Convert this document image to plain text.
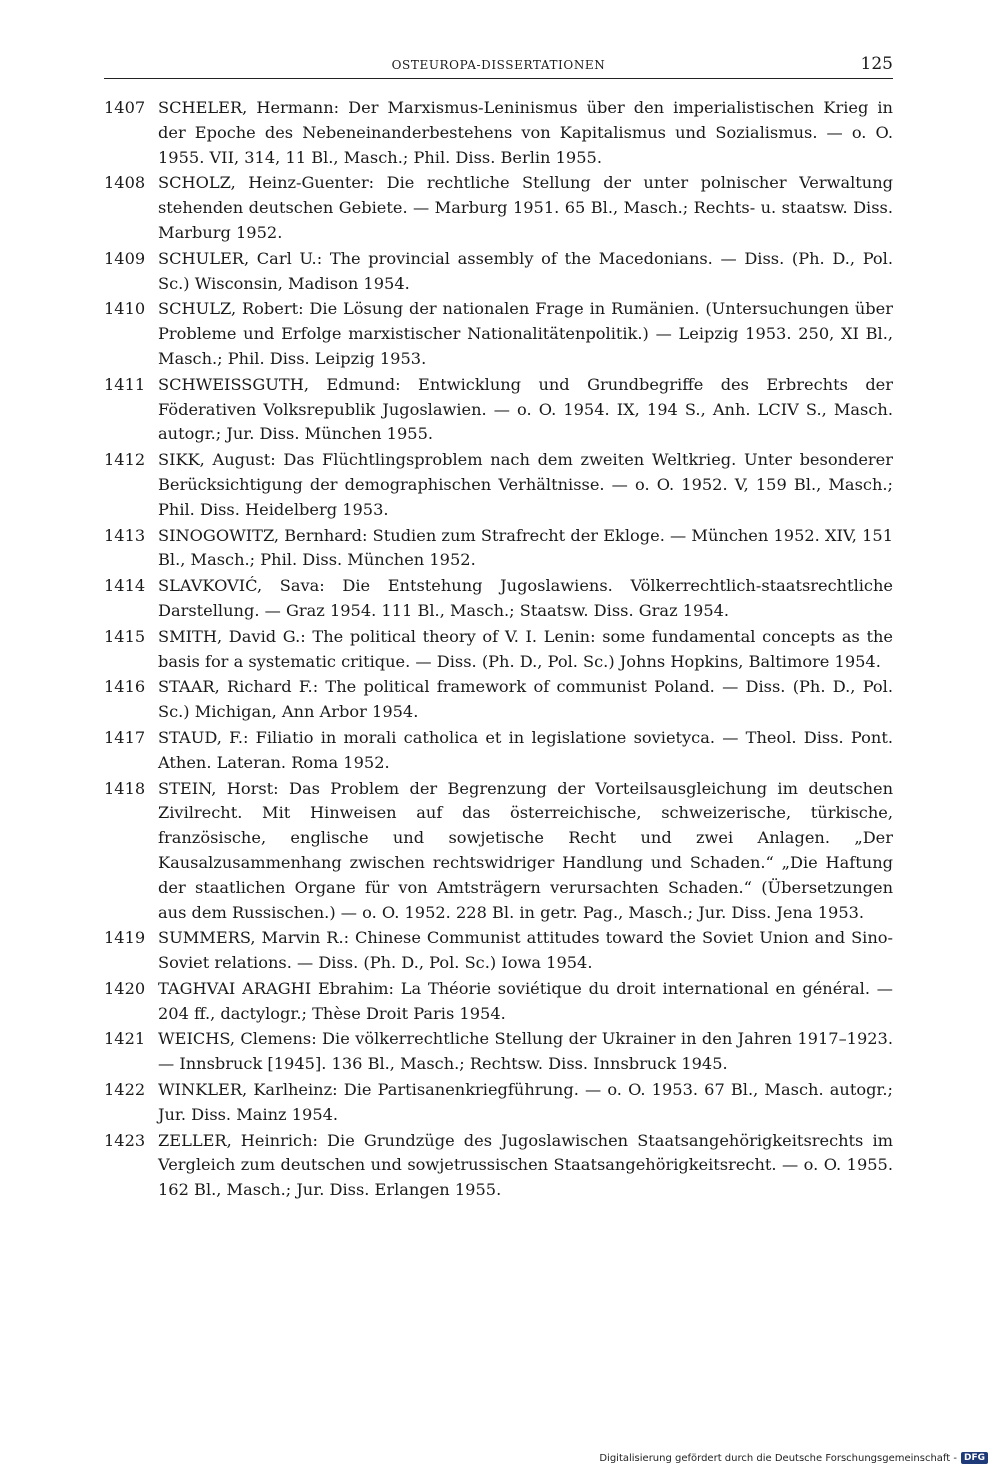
OSTEUROPA-DISSERTATIONEN	125
1407 SCHELER, Hermann: Der Marxismus-Leninismus über den imperialistischen Krieg in der Epoche des Nebeneinanderbestehens von Kapitalismus und Sozialismus. — o. O. 1955. VII, 314, 11 Bl., Masch.; Phil. Diss. Berlin 1955.
1408 SCHOLZ, Heinz-Guenter: Die rechtliche Stellung der unter polnischer Verwaltung stehenden deutschen Gebiete. — Marburg 1951. 65 Bl., Masch.; Rechts- u. staatsw. Diss. Marburg 1952.
1409 SCHULER, Carl U.: The provincial assembly of the Macedonians. — Diss. (Ph. D., Pol. Sc.) Wisconsin, Madison 1954.
1410 SCHULZ, Robert: Die Lösung der nationalen Frage in Rumänien. (Untersuchungen über Probleme und Erfolge marxistischer Nationalitätenpolitik.) — Leipzig 1953. 250, XI Bl., Masch.; Phil. Diss. Leipzig 1953.
1411 SCHWEISSGUTH, Edmund: Entwicklung und Grundbegriffe des Erbrechts der Föderativen Volksrepublik Jugoslawien. — o. O. 1954. IX, 194 S., Anh. LCIV S., Masch. autogr.; Jur. Diss. München 1955.
1412 SIKK, August: Das Flüchtlingsproblem nach dem zweiten Weltkrieg. Unter besonderer Berücksichtigung der demographischen Verhältnisse. — o. O. 1952. V, 159 Bl., Masch.; Phil. Diss. Heidelberg 1953.
1413 SINOGOWITZ, Bernhard: Studien zum Strafrecht der Ekloge. — München 1952. XIV, 151 Bl., Masch.; Phil. Diss. München 1952.
1414 SLAVKOVIĆ, Sava: Die Entstehung Jugoslawiens. Völkerrechtlich-staatsrechtliche Darstellung. — Graz 1954. 111 Bl., Masch.; Staatsw. Diss. Graz 1954.
1415 SMITH, David G.: The political theory of V. I. Lenin: some fundamental concepts as the basis for a systematic critique. — Diss. (Ph. D., Pol. Sc.) Johns Hopkins, Baltimore 1954.
1416 STAAR, Richard F.: The political framework of communist Poland. — Diss. (Ph. D., Pol. Sc.) Michigan, Ann Arbor 1954.
1417 STAUD, F.: Filiatio in morali catholica et in legislatione sovietyca. — Theol. Diss. Pont. Athen. Lateran. Roma 1952.
1418 STEIN, Horst: Das Problem der Begrenzung der Vorteilsausgleichung im deutschen Zivilrecht. Mit Hinweisen auf das österreichische, schweizerische, türkische, französische, englische und sowjetische Recht und zwei Anlagen. „Der Kausalzusammenhang zwischen rechtswidriger Handlung und Schaden.“ „Die Haftung der staatlichen Organe für von Amtsträgern verursachten Schaden.“ (Übersetzungen aus dem Russischen.) — o. O. 1952. 228 Bl. in getr. Pag., Masch.; Jur. Diss. Jena 1953.
1419 SUMMERS, Marvin R.: Chinese Communist attitudes toward the Soviet Union and Sino-Soviet relations. — Diss. (Ph. D., Pol. Sc.) Iowa 1954.
1420 TAGHVAI ARAGHI Ebrahim: La Théorie soviétique du droit international en général. — 204 ff., dactylogr.; Thèse Droit Paris 1954.
1421 WEICHS, Clemens: Die völkerrechtliche Stellung der Ukrainer in den Jahren 1917–1923. — Innsbruck [1945]. 136 Bl., Masch.; Rechtsw. Diss. Innsbruck 1945.
1422 WINKLER, Karlheinz: Die Partisanenkriegführung. — o. O. 1953. 67 Bl., Masch. autogr.; Jur. Diss. Mainz 1954.
1423 ZELLER, Heinrich: Die Grundzüge des Jugoslawischen Staatsangehörigkeitsrechts im Vergleich zum deutschen und sowjetrussischen Staatsangehörigkeitsrecht. — o. O. 1955. 162 Bl., Masch.; Jur. Diss. Erlangen 1955.
Digitalisierung gefördert durch die Deutsche Forschungsgemeinschaft - DFG
